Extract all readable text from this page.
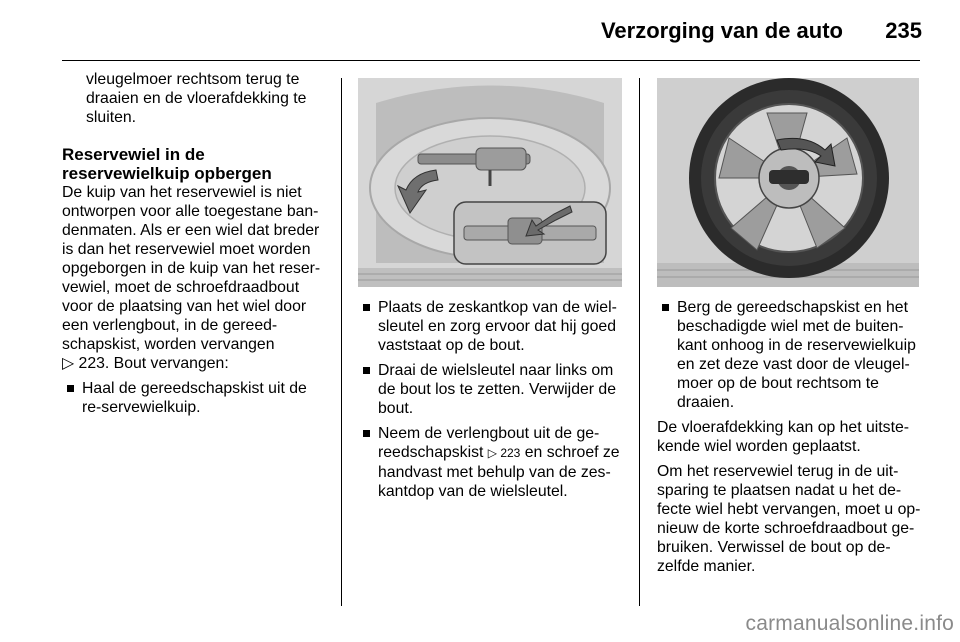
Verzorging van de auto 235

vleugelmoer rechtsom terug te draaien en de vloerafdekking te sluiten.

Reservewiel in de reservewielkuip opbergen

De kuip van het reservewiel is niet ontworpen voor alle toegestane ban-denmaten. Als er een wiel dat breder is dan het reservewiel moet worden opgeborgen in de kuip van het reser-vewiel, moet de schroefdraadbout voor de plaatsing van het wiel door een verlengbout, in de gereed-schapskist, worden vervangen
▷ 223. Bout vervangen:

Haal de gereedschapskist uit de re-servewielkuip.
Plaats de zeskantkop van de wiel-sleutel en zorg ervoor dat hij goed vaststaat op de bout.
Draai de wielsleutel naar links om de bout los te zetten. Verwijder de bout.
Neem de verlengbout uit de ge-reedschapskist ▷ 223 en schroef ze handvast met behulp van de zes-kantdop van de wielsleutel.
Berg de gereedschapskist en het beschadigde wiel met de buiten-kant onhoog in de reservewielkuip en zet deze vast door de vleugel-moer op de bout rechtsom te draaien.

De vloerafdekking kan op het uitste-kende wiel worden geplaatst.

Om het reservewiel terug in de uit-sparing te plaatsen nadat u het de-fecte wiel hebt vervangen, moet u op-nieuw de korte schroefdraadbout ge-bruiken. Verwissel de bout op de-zelfde manier.

carmanualsonline.info
